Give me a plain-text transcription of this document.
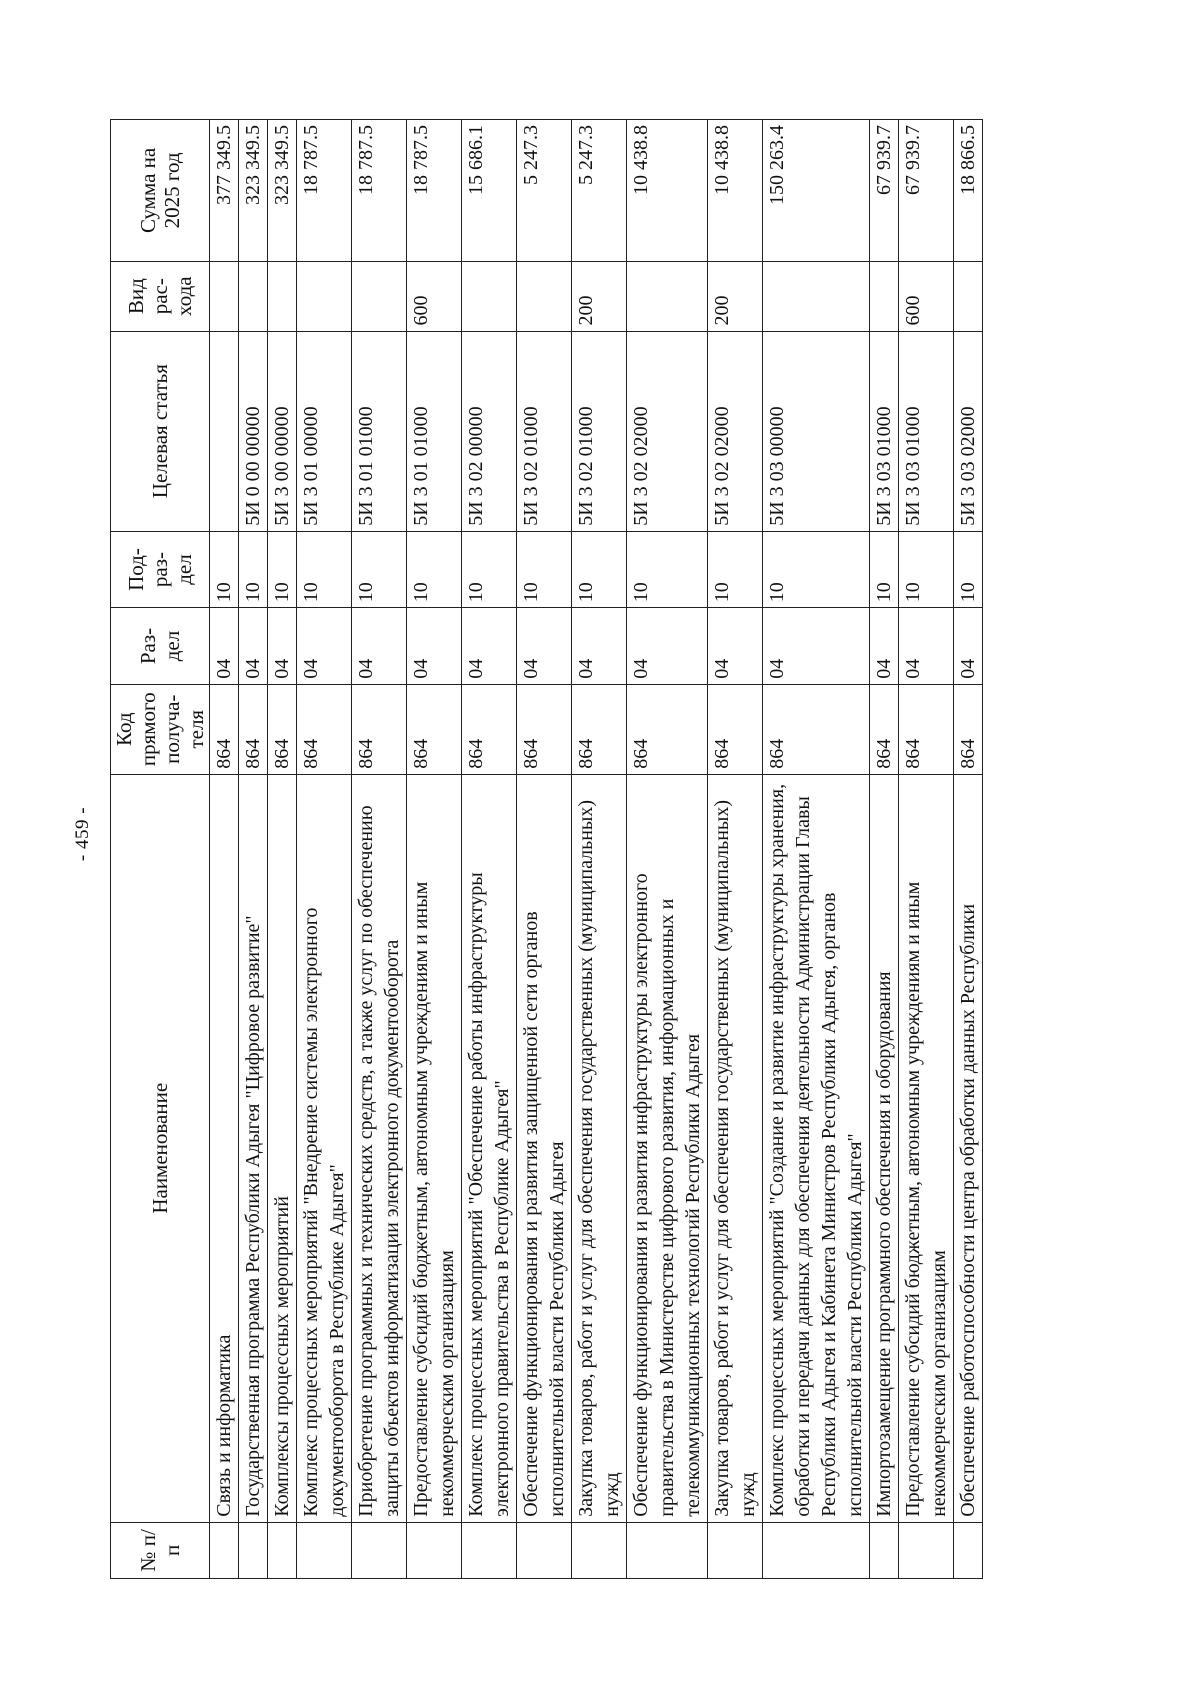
- 459 -
№ п/п	Наименование	Код прямого получа-теля	Раз-дел	Под-раз-дел	Целевая статья	Вид рас-хода	Сумма на 2025 год
	Связь и информатика	864	04	10			377 349.5
	Государственная программа Республики Адыгея "Цифровое развитие"	864	04	10	5И 0 00 00000		323 349.5
	Комплексы процессных мероприятий	864	04	10	5И 3 00 00000		323 349.5
	Комплекс процессных мероприятий "Внедрение системы электронного документооборота в Республике Адыгея"	864	04	10	5И 3 01 00000		18 787.5
	Приобретение программных и технических средств, а также услуг по обеспечению защиты объектов информатизации электронного документооборота	864	04	10	5И 3 01 01000		18 787.5
	Предоставление субсидий бюджетным, автономным учреждениям и иным некоммерческим организациям	864	04	10	5И 3 01 01000	600	18 787.5
	Комплекс процессных мероприятий "Обеспечение работы инфраструктуры электронного правительства в Республике Адыгея"	864	04	10	5И 3 02 00000		15 686.1
	Обеспечение функционирования и развития защищенной сети органов исполнительной власти Республики Адыгея	864	04	10	5И 3 02 01000		5 247.3
	Закупка товаров, работ и услуг для обеспечения государственных (муниципальных) нужд	864	04	10	5И 3 02 01000	200	5 247.3
	Обеспечение функционирования и развития инфраструктуры электронного правительства в Министерстве цифрового развития, информационных и телекоммуникационных технологий Республики Адыгея	864	04	10	5И 3 02 02000		10 438.8
	Закупка товаров, работ и услуг для обеспечения государственных (муниципальных) нужд	864	04	10	5И 3 02 02000	200	10 438.8
	Комплекс процессных мероприятий "Создание и развитие инфраструктуры хранения, обработки и передачи данных для обеспечения деятельности Администрации Главы Республики Адыгея и Кабинета Министров Республики Адыгея, органов исполнительной власти Республики Адыгея"	864	04	10	5И 3 03 00000		150 263.4
	Импортозамещение программного обеспечения и оборудования	864	04	10	5И 3 03 01000		67 939.7
	Предоставление субсидий бюджетным, автономным учреждениям и иным некоммерческим организациям	864	04	10	5И 3 03 01000	600	67 939.7
	Обеспечение работоспособности центра обработки данных Республики	864	04	10	5И 3 03 02000		18 866.5
